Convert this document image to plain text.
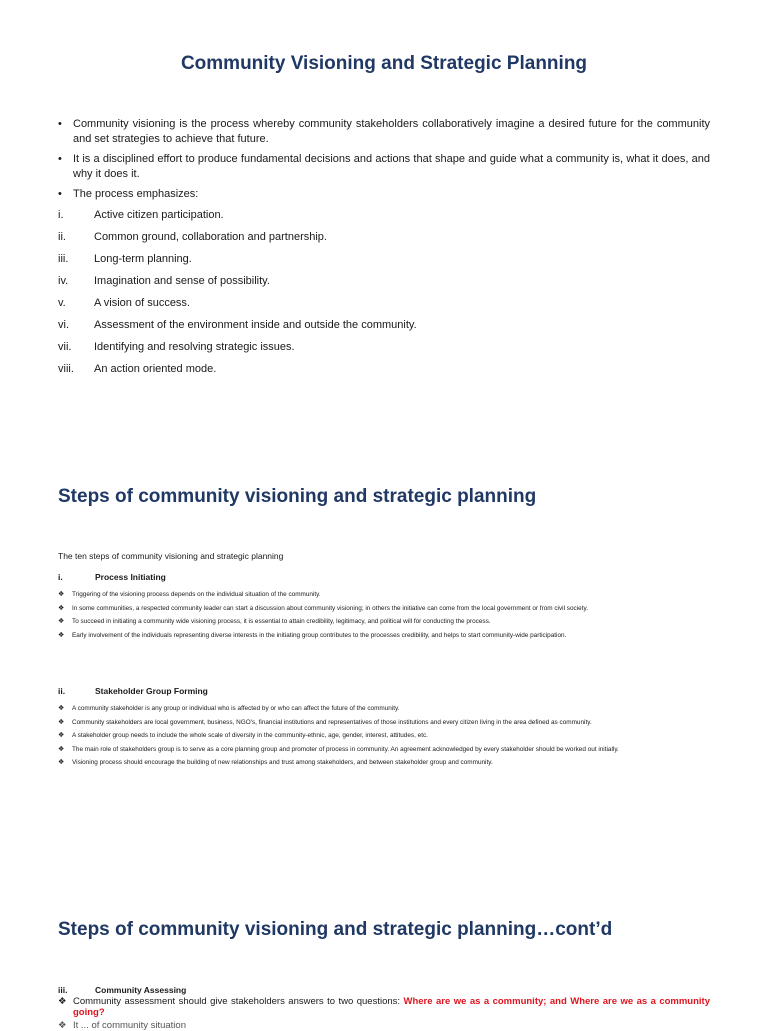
Community Visioning and Strategic Planning
• Community visioning is the process whereby community stakeholders collaboratively imagine a desired future for the community and set strategies to achieve that future.
• It is a disciplined effort to produce fundamental decisions and actions that shape and guide what a community is, what it does, and why it does it.
• The process emphasizes:
i.	Active citizen participation.
ii.	Common ground, collaboration and partnership.
iii. Long-term planning.
iv. Imagination and sense of possibility.
v.	A vision of success.
vi. Assessment of the environment inside and outside the community.
vii. Identifying and resolving strategic issues.
viii. An action oriented mode.
Steps of community visioning and strategic planning
The ten steps of community visioning and strategic planning
i.	Process Initiating
❖ Triggering of the visioning process depends on the individual situation of the community.
❖ In some communities, a respected community leader can start a discussion about community visioning; in others the initiative can come from the local government or from civil society.
❖ To succeed in initiating a community wide visioning process, it is essential to attain credibility, legitimacy, and political will for conducting the process.
❖ Early involvement of the individuals representing diverse interests in the initiating group contributes to the processes credibility, and helps to start community-wide participation.
ii.	Stakeholder Group Forming
❖ A community stakeholder is any group or individual who is affected by or who can affect the future of the community.
❖ Community stakeholders are local government, business, NGO's, financial institutions and representatives of those institutions and every citizen living in the area defined as community.
❖ A stakeholder group needs to include the whole scale of diversity in the community-ethnic, age, gender, interest, attitudes, etc.
❖ The main role of stakeholders group is to serve as a core planning group and promoter of process in community. An agreement acknowledged by every stakeholder should be worked out initially.
❖ Visioning process should encourage the building of new relationships and trust among stakeholders, and between stakeholder group and community.
Steps of community visioning and strategic planning…cont’d
iii.	Community Assessing
❖ Community assessment should give stakeholders answers to two questions: Where are we as a community; and Where are we as a community going?
❖ It ... of community situation
